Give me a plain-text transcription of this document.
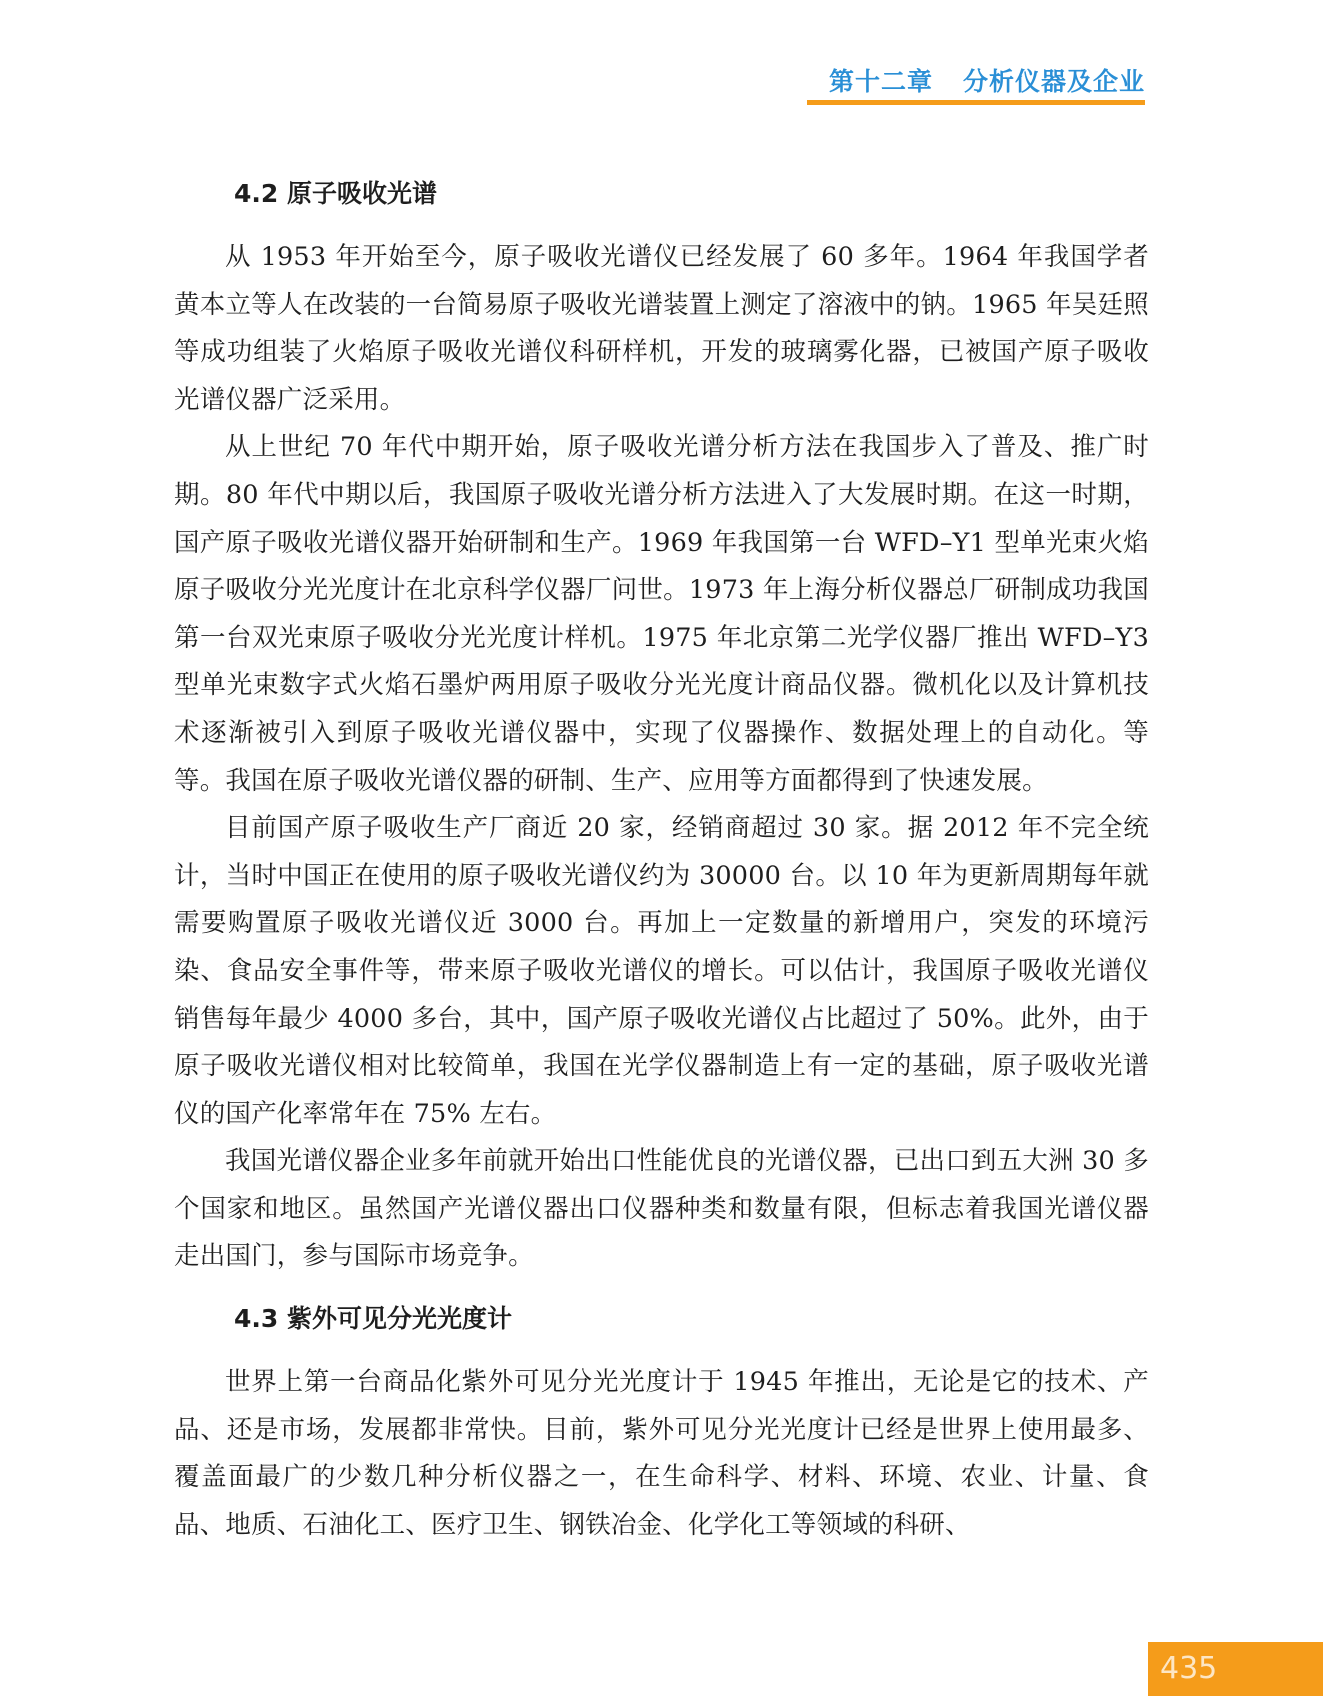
第十二章 分析仪器及企业
4.2 原子吸收光谱

从 1953 年开始至今，原子吸收光谱仪已经发展了 60 多年。1964 年我国学者黄本立等人在改装的一台简易原子吸收光谱装置上测定了溶液中的钠。1965 年吴廷照等成功组装了火焰原子吸收光谱仪科研样机，开发的玻璃雾化器，已被国产原子吸收光谱仪器广泛采用。

从上世纪 70 年代中期开始，原子吸收光谱分析方法在我国步入了普及、推广时期。80 年代中期以后，我国原子吸收光谱分析方法进入了大发展时期。在这一时期，国产原子吸收光谱仪器开始研制和生产。1969 年我国第一台 WFD–Y1 型单光束火焰原子吸收分光光度计在北京科学仪器厂问世。1973 年上海分析仪器总厂研制成功我国第一台双光束原子吸收分光光度计样机。1975 年北京第二光学仪器厂推出 WFD–Y3 型单光束数字式火焰石墨炉两用原子吸收分光光度计商品仪器。微机化以及计算机技术逐渐被引入到原子吸收光谱仪器中，实现了仪器操作、数据处理上的自动化。等等。我国在原子吸收光谱仪器的研制、生产、应用等方面都得到了快速发展。

目前国产原子吸收生产厂商近 20 家，经销商超过 30 家。据 2012 年不完全统计，当时中国正在使用的原子吸收光谱仪约为 30000 台。以 10 年为更新周期每年就需要购置原子吸收光谱仪近 3000 台。再加上一定数量的新增用户，突发的环境污染、食品安全事件等，带来原子吸收光谱仪的增长。可以估计，我国原子吸收光谱仪销售每年最少 4000 多台，其中，国产原子吸收光谱仪占比超过了 50%。此外，由于原子吸收光谱仪相对比较简单，我国在光学仪器制造上有一定的基础，原子吸收光谱仪的国产化率常年在 75% 左右。

我国光谱仪器企业多年前就开始出口性能优良的光谱仪器，已出口到五大洲 30 多个国家和地区。虽然国产光谱仪器出口仪器种类和数量有限，但标志着我国光谱仪器走出国门，参与国际市场竞争。

4.3 紫外可见分光光度计

世界上第一台商品化紫外可见分光光度计于 1945 年推出，无论是它的技术、产品、还是市场，发展都非常快。目前，紫外可见分光光度计已经是世界上使用最多、覆盖面最广的少数几种分析仪器之一，在生命科学、材料、环境、农业、计量、食品、地质、石油化工、医疗卫生、钢铁冶金、化学化工等领域的科研、

435
